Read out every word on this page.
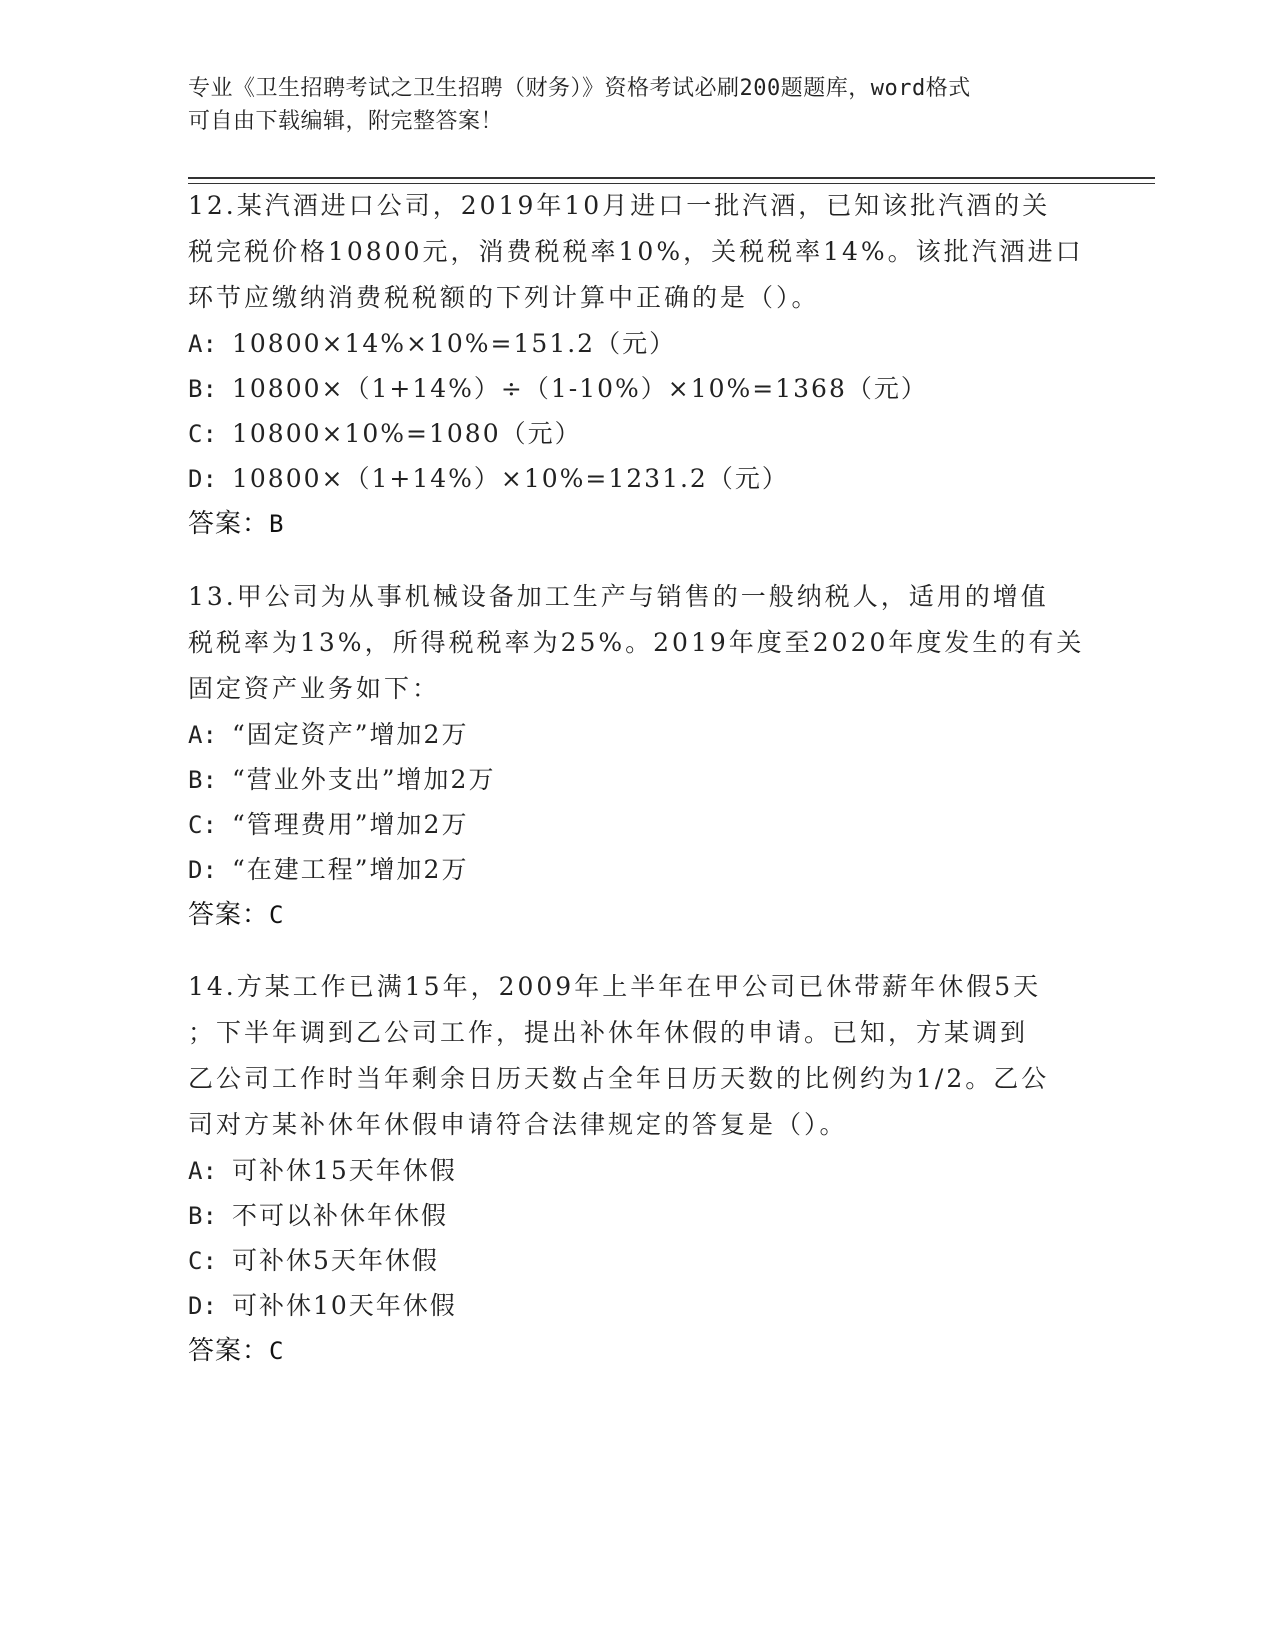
专业《卫生招聘考试之卫生招聘（财务）》资格考试必刷200题题库，word格式
可自由下载编辑，附完整答案！
12.某汽酒进口公司，2019年10月进口一批汽酒，已知该批汽酒的关
税完税价格10800元，消费税税率10%，关税税率14%。该批汽酒进口
环节应缴纳消费税税额的下列计算中正确的是（）。
A: 10800×14%×10%=151.2（元）
B: 10800×（1+14%）÷（1-10%）×10%=1368（元）
C: 10800×10%=1080（元）
D: 10800×（1+14%）×10%=1231.2（元）
答案：B
13.甲公司为从事机械设备加工生产与销售的一般纳税人，适用的增值
税税率为13%，所得税税率为25%。2019年度至2020年度发生的有关
固定资产业务如下：
A: “固定资产”增加2万
B: “营业外支出”增加2万
C: “管理费用”增加2万
D: “在建工程”增加2万
答案：C
14.方某工作已满15年，2009年上半年在甲公司已休带薪年休假5天
；下半年调到乙公司工作，提出补休年休假的申请。已知，方某调到
乙公司工作时当年剩余日历天数占全年日历天数的比例约为1/2。乙公
司对方某补休年休假申请符合法律规定的答复是（）。
A: 可补休15天年休假
B: 不可以补休年休假
C: 可补休5天年休假
D: 可补休10天年休假
答案：C
